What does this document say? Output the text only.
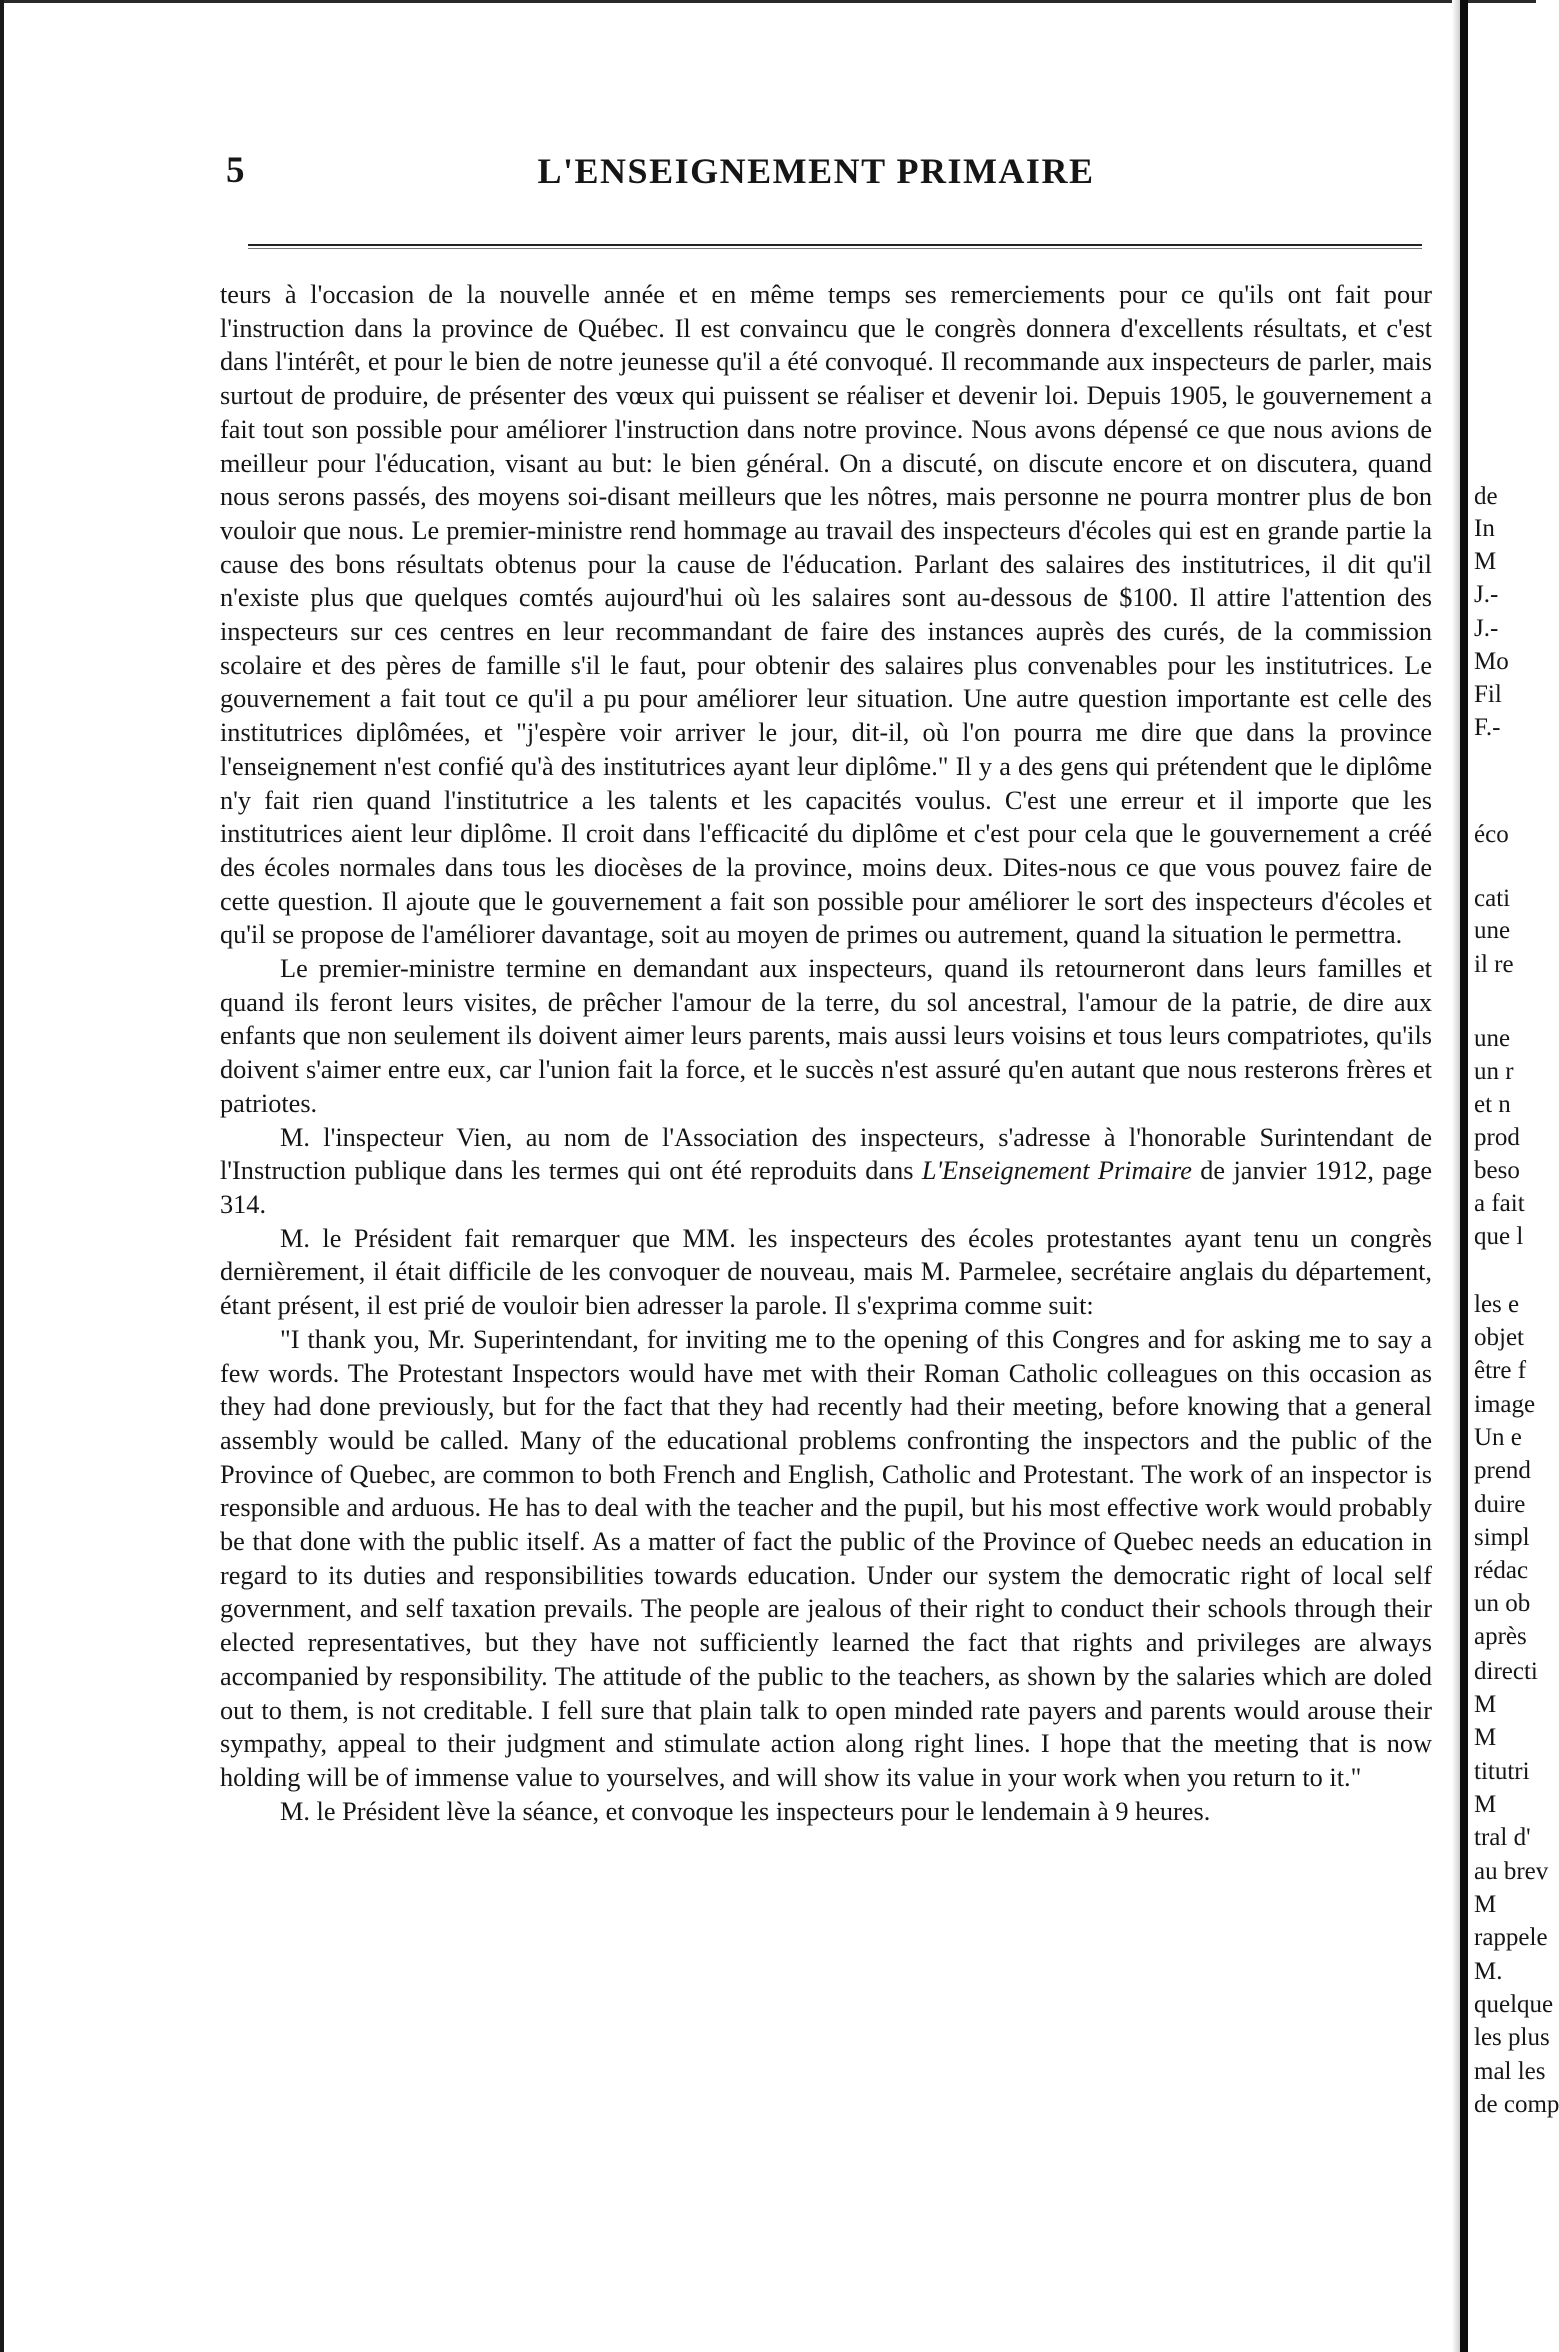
5	L'ENSEIGNEMENT PRIMAIRE

teurs à l'occasion de la nouvelle année et en même temps ses remerciements pour ce qu'ils ont fait pour l'instruction dans la province de Québec. Il est convaincu que le congrès donnera d'excellents résultats, et c'est dans l'intérêt, et pour le bien de notre jeunesse qu'il a été convoqué. Il recommande aux inspecteurs de parler, mais surtout de produire, de présenter des vœux qui puissent se réaliser et devenir loi. Depuis 1905, le gouvernement a fait tout son possible pour améliorer l'instruction dans notre province. Nous avons dépensé ce que nous avions de meilleur pour l'éducation, visant au but: le bien général. On a discuté, on discute encore et on discutera, quand nous serons passés, des moyens soi-disant meilleurs que les nôtres, mais personne ne pourra montrer plus de bon vouloir que nous. Le premier-ministre rend hommage au travail des inspecteurs d'écoles qui est en grande partie la cause des bons résultats obtenus pour la cause de l'éducation. Parlant des salaires des institutrices, il dit qu'il n'existe plus que quelques comtés aujourd'hui où les salaires sont au-dessous de $100. Il attire l'attention des inspecteurs sur ces centres en leur recommandant de faire des instances auprès des curés, de la commission scolaire et des pères de famille s'il le faut, pour obtenir des salaires plus convenables pour les institutrices. Le gouvernement a fait tout ce qu'il a pu pour améliorer leur situation. Une autre question importante est celle des institutrices diplômées, et "j'espère voir arriver le jour, dit-il, où l'on pourra me dire que dans la province l'enseignement n'est confié qu'à des institutrices ayant leur diplôme." Il y a des gens qui prétendent que le diplôme n'y fait rien quand l'institutrice a les talents et les capacités voulus. C'est une erreur et il importe que les institutrices aient leur diplôme. Il croit dans l'efficacité du diplôme et c'est pour cela que le gouvernement a créé des écoles normales dans tous les diocèses de la province, moins deux. Dites-nous ce que vous pouvez faire de cette question. Il ajoute que le gouvernement a fait son possible pour améliorer le sort des inspecteurs d'écoles et qu'il se propose de l'améliorer davantage, soit au moyen de primes ou autrement, quand la situation le permettra.

Le premier-ministre termine en demandant aux inspecteurs, quand ils retourneront dans leurs familles et quand ils feront leurs visites, de prêcher l'amour de la terre, du sol ancestral, l'amour de la patrie, de dire aux enfants que non seulement ils doivent aimer leurs parents, mais aussi leurs voisins et tous leurs compatriotes, qu'ils doivent s'aimer entre eux, car l'union fait la force, et le succès n'est assuré qu'en autant que nous resterons frères et patriotes.

M. l'inspecteur Vien, au nom de l'Association des inspecteurs, s'adresse à l'honorable Surintendant de l'Instruction publique dans les termes qui ont été reproduits dans L'Enseignement Primaire de janvier 1912, page 314.

M. le Président fait remarquer que MM. les inspecteurs des écoles protestantes ayant tenu un congrès dernièrement, il était difficile de les convoquer de nouveau, mais M. Parmelee, secrétaire anglais du département, étant présent, il est prié de vouloir bien adresser la parole. Il s'exprima comme suit:

"I thank you, Mr. Superintendant, for inviting me to the opening of this Congres and for asking me to say a few words. The Protestant Inspectors would have met with their Roman Catholic colleagues on this occasion as they had done previously, but for the fact that they had recently had their meeting, before knowing that a general assembly would be called. Many of the educational problems confronting the inspectors and the public of the Province of Quebec, are common to both French and English, Catholic and Protestant. The work of an inspector is responsible and arduous. He has to deal with the teacher and the pupil, but his most effective work would probably be that done with the public itself. As a matter of fact the public of the Province of Quebec needs an education in regard to its duties and responsibilities towards education. Under our system the democratic right of local self government, and self taxation prevails. The people are jealous of their right to conduct their schools through their elected representatives, but they have not sufficiently learned the fact that rights and privileges are always accompanied by responsibility. The attitude of the public to the teachers, as shown by the salaries which are doled out to them, is not creditable. I fell sure that plain talk to open minded rate payers and parents would arouse their sympathy, appeal to their judgment and stimulate action along right lines. I hope that the meeting that is now holding will be of immense value to yourselves, and will show its value in your work when you return to it."

M. le Président lève la séance, et convoque les inspecteurs pour le lendemain à 9 heures.

de
In
M
J.-
J.-
Mo
Fil
F.-
éco
cati
une
il re
une
un r
et n
prod
beso
a fait
que l
les e
objet
être f
image
Un e
prend
duire
simpl
rédac
un ob
après
directi
M
M
titutri
M
tral d'
au brev
M
rappele
M.
quelque
les plus
mal les
de comp
